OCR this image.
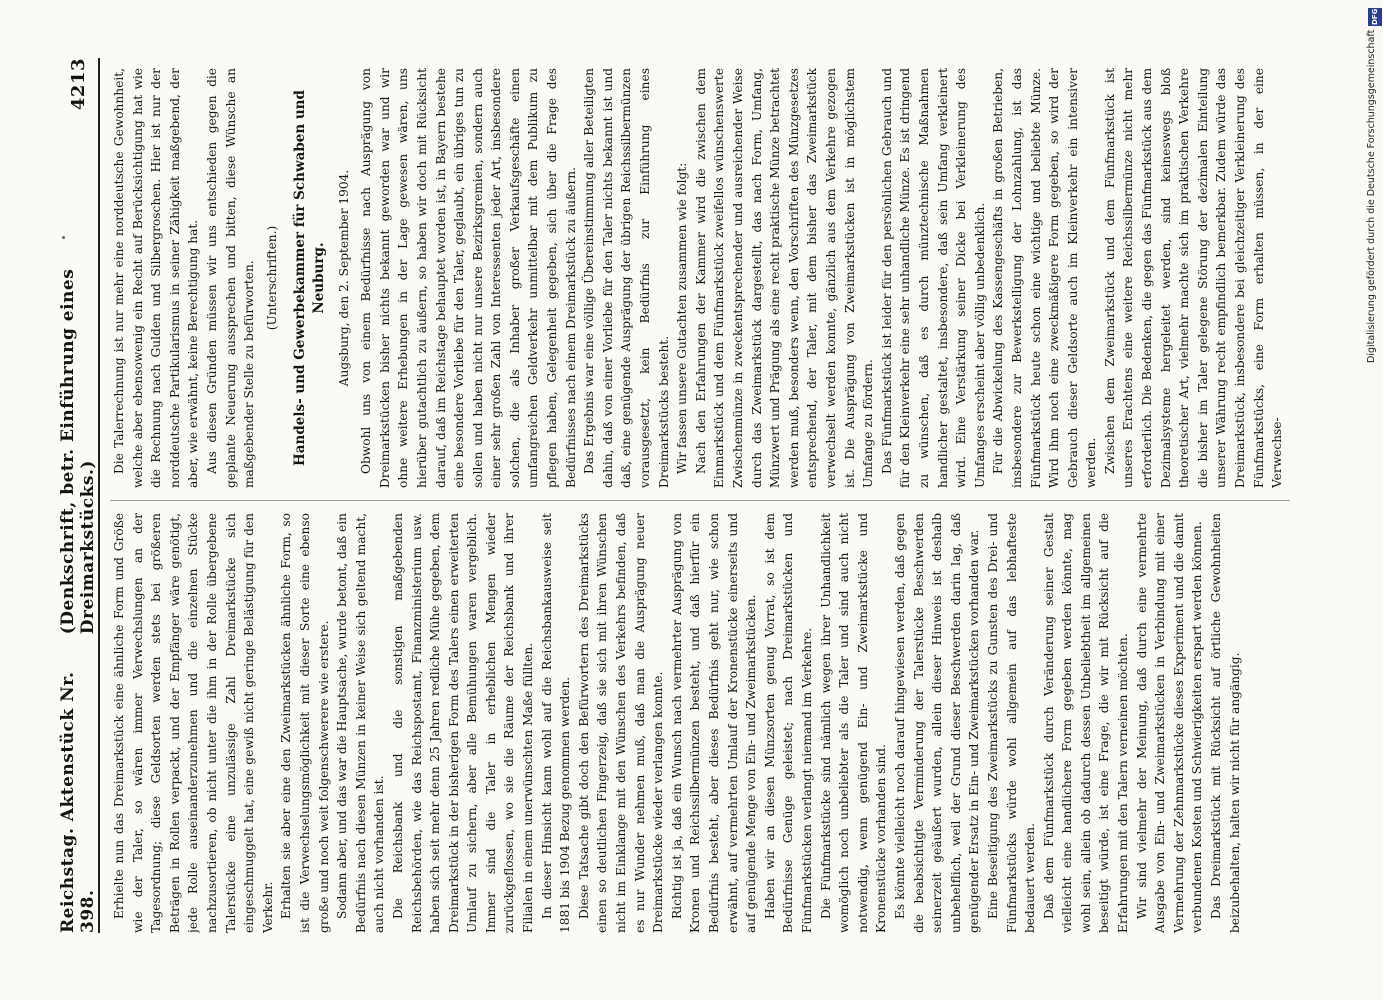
Reichstag. Aktenstück Nr. 398.
(Denkschrift, betr. Einführung eines Dreimarkstücks.)
4213

Erhielte nun das Dreimarkstück eine ähnliche Form und Größe wie der Taler, so wären immer Verwechslungen an der Tagesordnung; diese Geldsorten werden stets bei größeren Beträgen in Rollen verpackt, und der Empfänger wäre genötigt, jede Rolle auseinanderzunehmen und die einzelnen Stücke nachzusortieren, ob nicht unter die ihm in der Rolle übergebene Talerstücke eine unzulässige Zahl Dreimarkstücke sich eingeschmuggelt hat, eine gewiß nicht geringe Belästigung für den Verkehr. Erhalten sie aber eine den Zweimarkstücken ähnliche Form, so ist die Verwechselungsmöglichkeit mit dieser Sorte eine ebenso große und noch weit folgenschwerere wie erstere. Sodann aber, und das war die Hauptsache, wurde betont, daß ein Bedürfnis nach diesen Münzen in keiner Weise sich geltend macht, auch nicht vorhanden ist. Die Reichsbank und die sonstigen maßgebenden Reichsbehörden, wie das Reichspostamt, Finanzministerium usw. haben sich seit mehr denn 25 Jahren redliche Mühe gegeben, dem Dreimarkstück in der bisherigen Form des Talers einen erweiterten Umlauf zu sichern, aber alle Bemühungen waren vergeblich. Immer sind die Taler in erheblichen Mengen wieder zurückgeflossen, wo sie die Räume der Reichsbank und ihrer Filialen in einem unerwünschten Maße füllten. In dieser Hinsicht kann wohl auf die Reichsbankausweise seit 1881 bis 1904 Bezug genommen werden. Diese Tatsache gibt doch den Befürwortern des Dreimarkstücks einen so deutlichen Fingerzeig, daß sie sich mit ihren Wünschen nicht im Einklange mit den Wünschen des Verkehrs befinden, daß es nur Wunder nehmen muß, daß man die Ausprägung neuer Dreimarkstücke wieder verlangen konnte. Richtig ist ja, daß ein Wunsch nach vermehrter Ausprägung von Kronen und Reichssilbermünzen besteht, und daß hierfür ein Bedürfnis besteht, aber dieses Bedürfnis geht nur, wie schon erwähnt, auf vermehrten Umlauf der Kronenstücke einerseits und auf genügende Menge von Ein- und Zweimarkstücken. Haben wir an diesen Münzsorten genug Vorrat, so ist dem Bedürfnisse Genüge geleistet; nach Dreimarkstücken und Fünfmarkstücken verlangt niemand im Verkehre. Die Fünfmarkstücke sind nämlich wegen ihrer Unhandlichkeit womöglich noch unbeliebter als die Taler und sind auch nicht notwendig, wenn genügend Ein- und Zweimarkstücke und Kronenstücke vorhanden sind. Es könnte vielleicht noch darauf hingewiesen werden, daß gegen die beabsichtigte Verminderung der Talerstücke Beschwerden seinerzeit geäußert wurden, allein dieser Hinweis ist deshalb unbehelflich, weil der Grund dieser Beschwerden darin lag, daß genügender Ersatz in Ein- und Zweimarkstücken vorhanden war. Eine Beseitigung des Zweimarkstücks zu Gunsten des Drei- und Fünfmarkstücks würde wohl allgemein auf das lebhafteste bedauert werden. Daß dem Fünfmarkstück durch Veränderung seiner Gestalt vielleicht eine handlichere Form gegeben werden könnte, mag wohl sein, allein ob dadurch dessen Unbeliebtheit im allgemeinen beseitigt würde, ist eine Frage, die wir mit Rücksicht auf die Erfahrungen mit den Talern verneinen möchten. Wir sind vielmehr der Meinung, daß durch eine vermehrte Ausgabe von Ein- und Zweimarkstücken in Verbindung mit einer Vermehrung der Zehnmarkstücke dieses Experiment und die damit verbundenen Kosten und Schwierigkeiten erspart werden können. Das Dreimarkstück mit Rücksicht auf örtliche Gewohnheiten beizubehalten, halten wir nicht für angängig.

Die Talerrechnung ist nur mehr eine norddeutsche Gewohnheit, welche aber ebensowenig ein Recht auf Berücksichtigung hat wie die Rechnung nach Gulden und Silbergroschen. Hier ist nur der norddeutsche Partikularismus in seiner Zähigkeit maßgebend, der aber, wie erwähnt, keine Berechtigung hat. Aus diesen Gründen müssen wir uns entschieden gegen die geplante Neuerung aussprechen und bitten, diese Wünsche an maßgebender Stelle zu befürworten. (Unterschriften.) Handels- und Gewerbekammer für Schwaben und Neuburg. Augsburg, den 2. September 1904. Obwohl uns von einem Bedürfnisse nach Ausprägung von Dreimarkstücken bisher nichts bekannt geworden war und wir ohne weitere Erhebungen in der Lage gewesen wären, uns hierüber gutachtlich zu äußern, so haben wir doch mit Rücksicht darauf, daß im Reichstage behauptet worden ist, in Bayern bestehe eine besondere Vorliebe für den Taler, geglaubt, ein übriges tun zu sollen und haben nicht nur unsere Bezirksgremien, sondern auch einer sehr großen Zahl von Interessenten jeder Art, insbesondere solchen, die als Inhaber großer Verkaufsgeschäfte einen umfangreichen Geldverkehr unmittelbar mit dem Publikum zu pflegen haben, Gelegenheit gegeben, sich über die Frage des Bedürfnisses nach einem Dreimarkstück zu äußern. Das Ergebnis war eine völlige Übereinstimmung aller Beteiligten dahin, daß von einer Vorliebe für den Taler nichts bekannt ist und daß, eine genügende Ausprägung der übrigen Reichssilbermünzen vorausgesetzt, kein Bedürfnis zur Einführung eines Dreimarkstücks besteht. Wir fassen unsere Gutachten zusammen wie folgt: Nach den Erfahrungen der Kammer wird die zwischen dem Einmarkstück und dem Fünfmarkstück zweifellos wünschenswerte Zwischenmünze in zweckentsprechender und ausreichender Weise durch das Zweimarkstück dargestellt, das nach Form, Umfang, Münzwert und Prägung als eine recht praktische Münze betrachtet werden muß, besonders wenn, den Vorschriften des Münzgesetzes entsprechend, der Taler, mit dem bisher das Zweimarkstück verwechselt werden konnte, gänzlich aus dem Verkehre gezogen ist. Die Ausprägung von Zweimarkstücken ist in möglichstem Umfange zu fördern. Das Fünfmarkstück ist leider für den persönlichen Gebrauch und für den Kleinverkehr eine sehr unhandliche Münze. Es ist dringend zu wünschen, daß es durch münztechnische Maßnahmen handlicher gestaltet, insbesondere, daß sein Umfang verkleinert wird. Eine Verstärkung seiner Dicke bei Verkleinerung des Umfanges erscheint aber völlig unbedenklich. Für die Abwickelung des Kassengeschäfts in großen Betrieben, insbesondere zur Bewerkstelligung der Lohnzahlung, ist das Fünfmarkstück heute schon eine wichtige und beliebte Münze. Wird ihm noch eine zweckmäßigere Form gegeben, so wird der Gebrauch dieser Geldsorte auch im Kleinverkehr ein intensiver werden. Zwischen dem Zweimarkstück und dem Fünfmarkstück ist unseres Erachtens eine weitere Reichssilbermünze nicht mehr erforderlich. Die Bedenken, die gegen das Fünfmarkstück aus dem Dezimalsysteme hergeleitet werden, sind keineswegs bloß theoretischer Art, vielmehr machte sich im praktischen Verkehre die bisher im Taler gelegene Störung der dezimalen Einteilung unserer Währung recht empfindlich bemerkbar. Zudem würde das Dreimarkstück, insbesondere bei gleichzeitiger Verkleinerung des Fünfmarkstücks, eine Form erhalten müssen, in der eine Verwechse-

DFG
Digitalisierung gefördert durch die Deutsche Forschungsgemeinschaft
